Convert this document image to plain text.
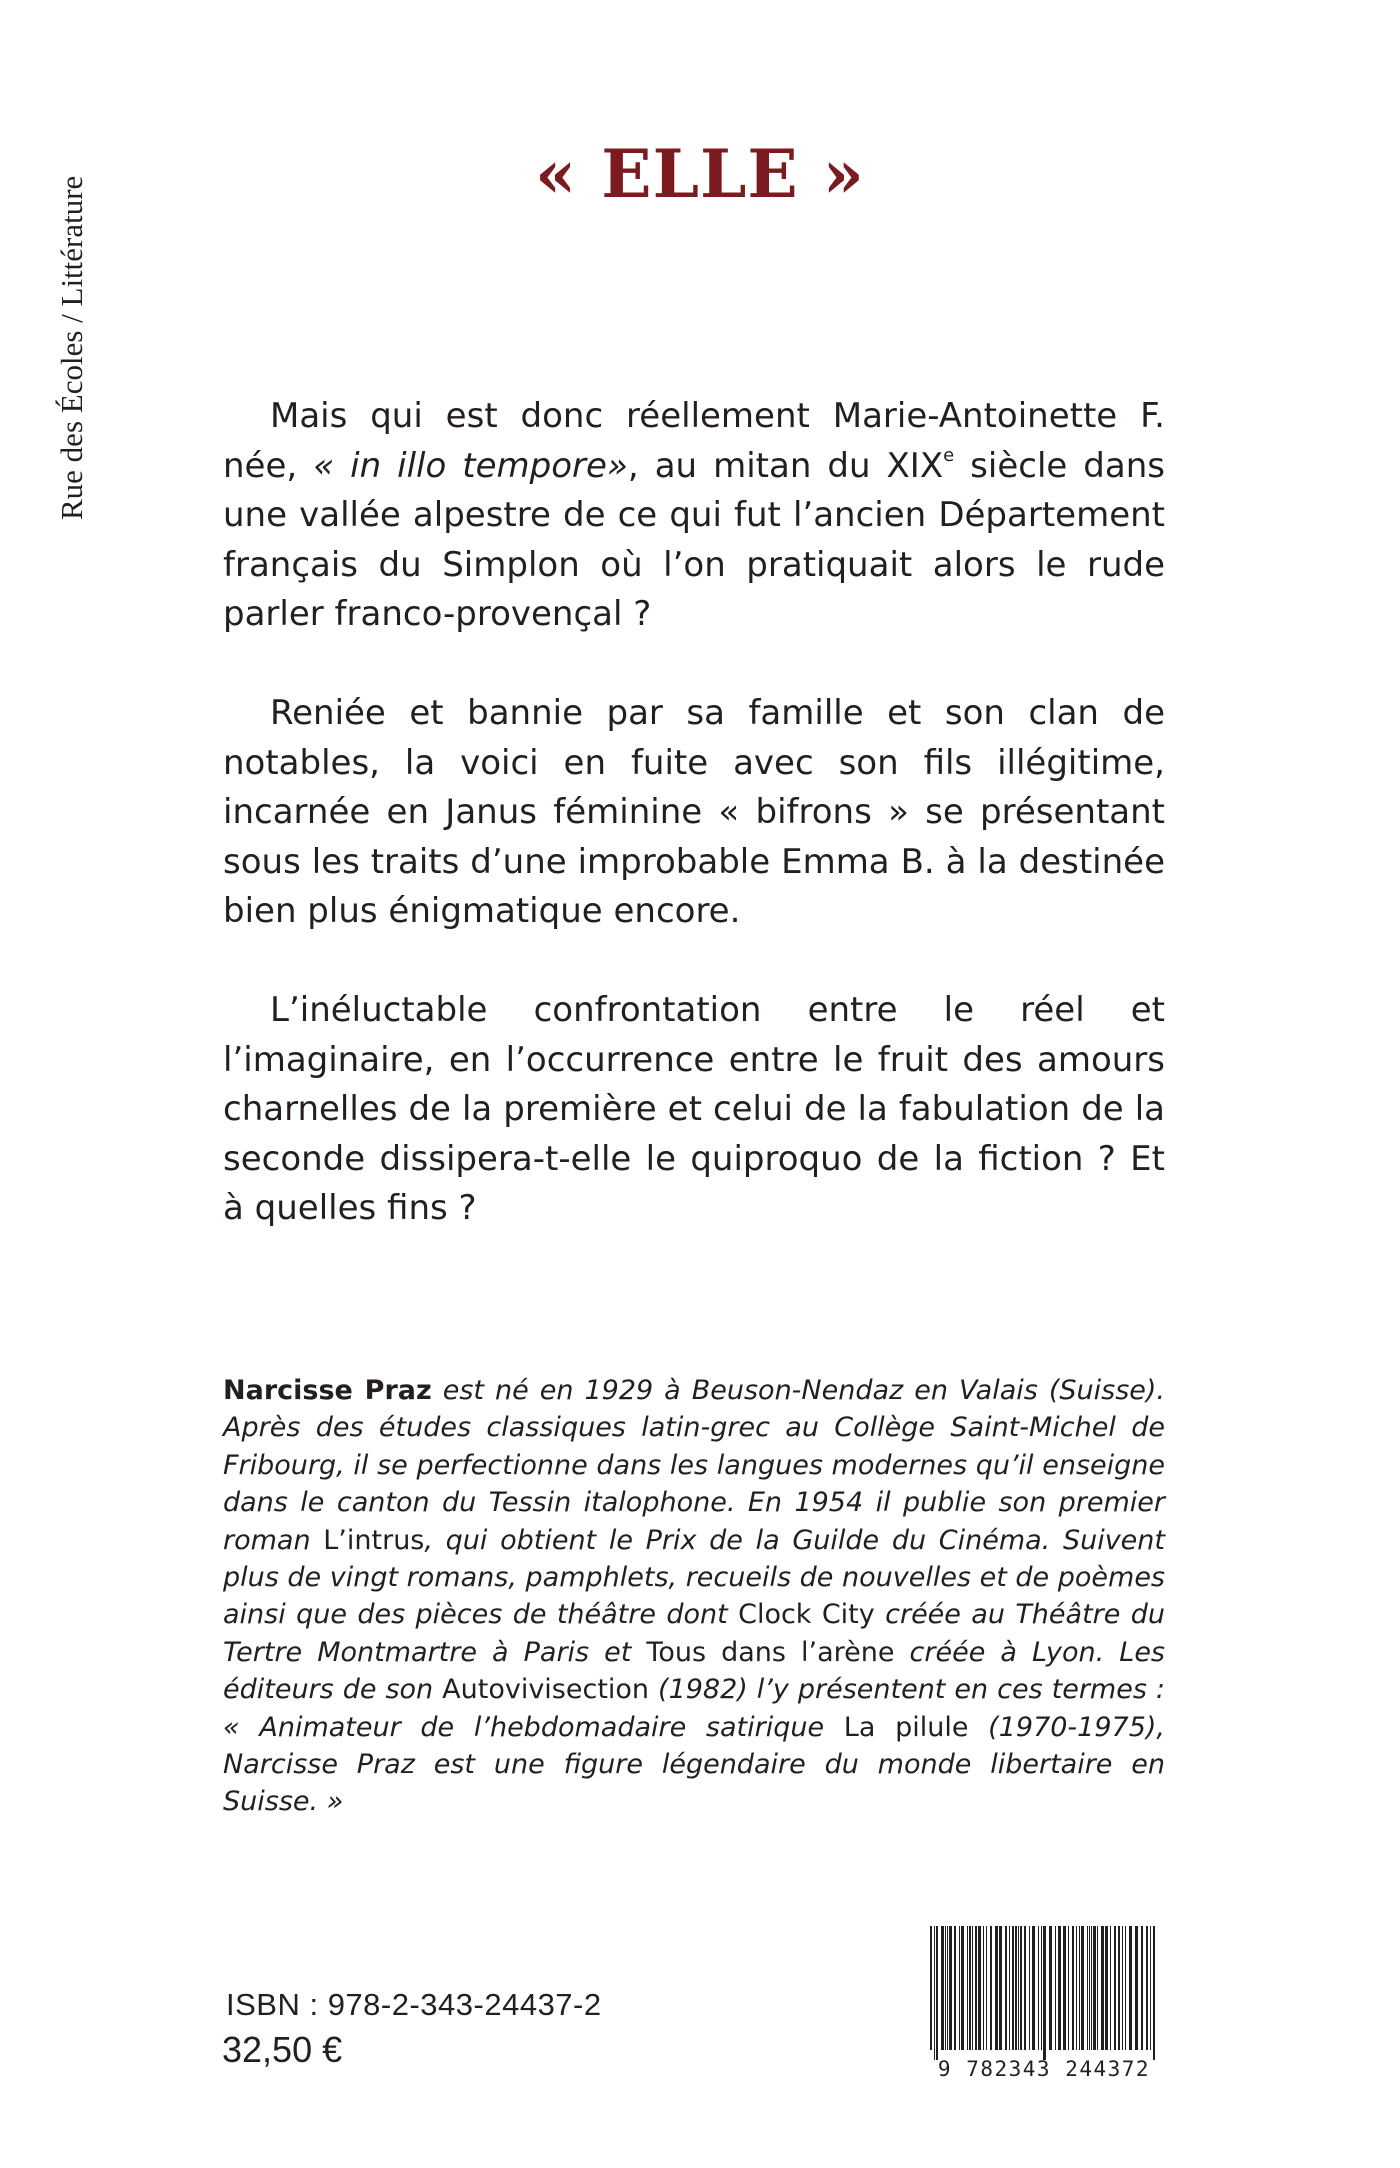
Rue des Écoles / Littérature
« ELLE »

Mais qui est donc réellement Marie-Antoinette F. née, « in illo tempore», au mitan du XIXe siècle dans une vallée alpestre de ce qui fut l’ancien Département français du Simplon où l’on pratiquait alors le rude parler franco-provençal ?

Reniée et bannie par sa famille et son clan de notables, la voici en fuite avec son fils illégitime, incarnée en Janus féminine « bifrons » se présentant sous les traits d’une improbable Emma B. à la destinée bien plus énigmatique encore.

L’inéluctable confrontation entre le réel et l’imaginaire, en l’occurrence entre le fruit des amours charnelles de la première et celui de la fabulation de la seconde dissipera-t-elle le quiproquo de la fiction ? Et à quelles fins ?

Narcisse Praz est né en 1929 à Beuson-Nendaz en Valais (Suisse). Après des études classiques latin-grec au Collège Saint-Michel de Fribourg, il se perfectionne dans les langues modernes qu’il enseigne dans le canton du Tessin italophone. En 1954 il publie son premier roman L’intrus, qui obtient le Prix de la Guilde du Cinéma. Suivent plus de vingt romans, pamphlets, recueils de nouvelles et de poèmes ainsi que des pièces de théâtre dont Clock City créée au Théâtre du Tertre Montmartre à Paris et Tous dans l’arène créée à Lyon. Les éditeurs de son Autovivisection (1982) l’y présentent en ces termes : « Animateur de l’hebdomadaire satirique La pilule (1970-1975), Narcisse Praz est une figure légendaire du monde libertaire en Suisse. »

ISBN : 978-2-343-24437-2
32,50 €	9 782343 244372
